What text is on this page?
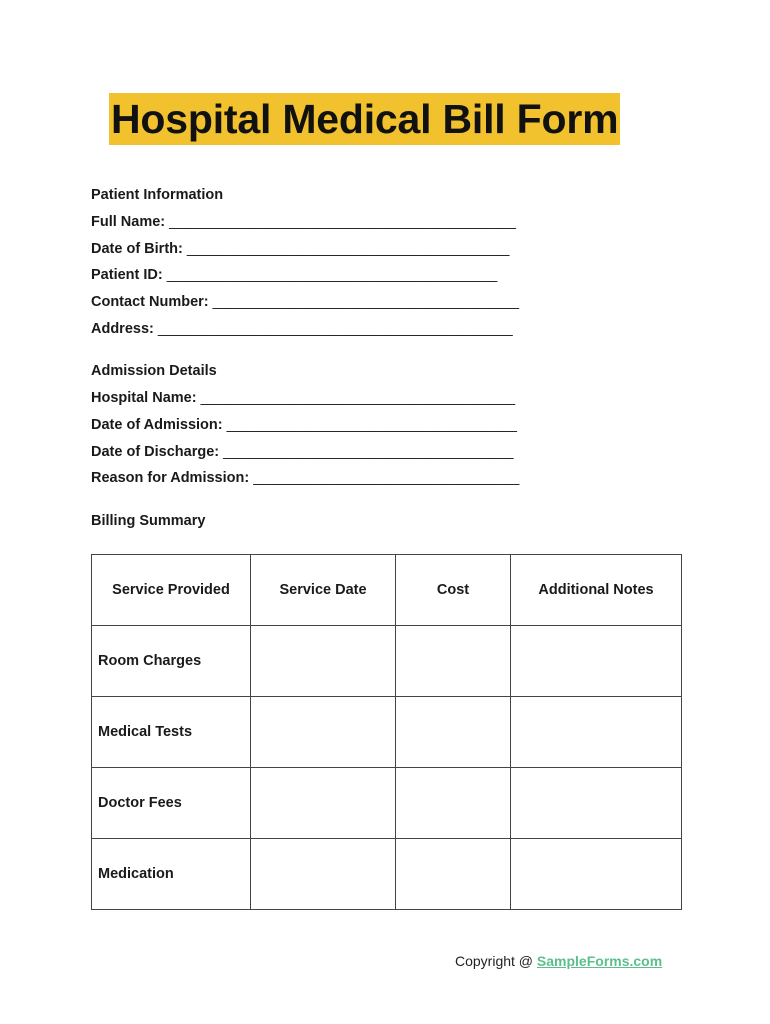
Hospital Medical Bill Form
Patient Information
Full Name: ___________________________________________
Date of Birth: ________________________________________
Patient ID: _________________________________________
Contact Number: ______________________________________
Address: ____________________________________________
Admission Details
Hospital Name: _______________________________________
Date of Admission: ____________________________________
Date of Discharge: ____________________________________
Reason for Admission: _________________________________
Billing Summary
Service Provided	Service Date	Cost	Additional Notes
Room Charges			
Medical Tests			
Doctor Fees			
Medication			
Copyright @ SampleForms.com
